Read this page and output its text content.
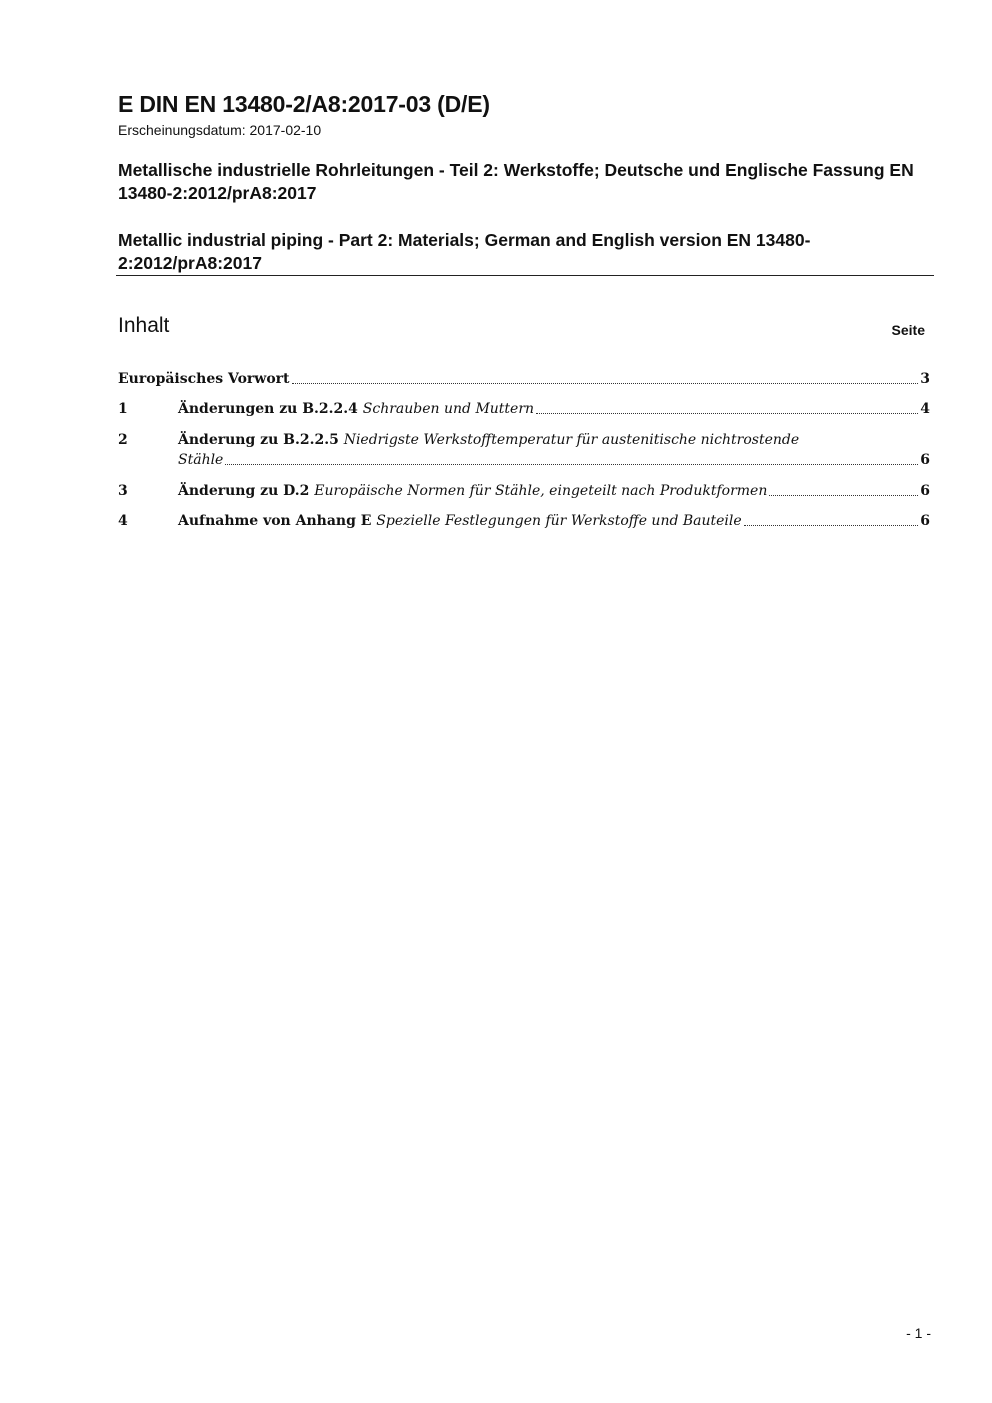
E DIN EN 13480-2/A8:2017-03 (D/E)
Erscheinungsdatum: 2017-02-10
Metallische industrielle Rohrleitungen - Teil 2: Werkstoffe; Deutsche und Englische Fassung EN 13480-2:2012/prA8:2017
Metallic industrial piping - Part 2: Materials; German and English version EN 13480-2:2012/prA8:2017
Inhalt	Seite
Europäisches Vorwort	3
1	Änderungen zu B.2.2.4 Schrauben und Muttern	4
2	Änderung zu B.2.2.5 Niedrigste Werkstofftemperatur für austenitische nichtrostende
Stähle	6
3	Änderung zu D.2 Europäische Normen für Stähle, eingeteilt nach Produktformen	6
4	Aufnahme von Anhang E Spezielle Festlegungen für Werkstoffe und Bauteile	6
- 1 -
